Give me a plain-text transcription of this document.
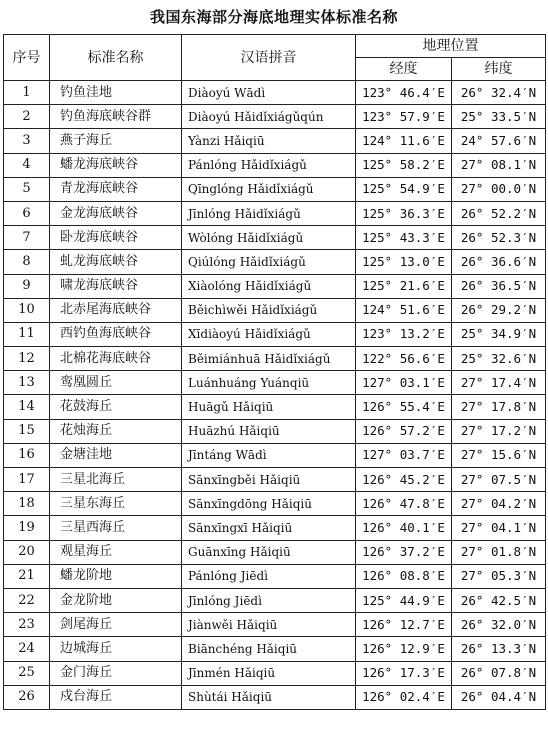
我国东海部分海底地理实体标准名称
序号	标准名称	汉语拼音	地理位置	
			经度	纬度
1	钓鱼洼地	Diàoyú Wādì	123° 46.4′E	26° 32.4′N
2	钓鱼海底峡谷群	Diàoyú Hǎidǐxiágǔqún	123° 57.9′E	25° 33.5′N
3	燕子海丘	Yànzi Hǎiqiū	124° 11.6′E	24° 57.6′N
4	蟠龙海底峡谷	Pánlóng Hǎidǐxiágǔ	125° 58.2′E	27° 08.1′N
5	青龙海底峡谷	Qīnglóng Hǎidǐxiágǔ	125° 54.9′E	27° 00.0′N
6	金龙海底峡谷	Jīnlóng Hǎidǐxiágǔ	125° 36.3′E	26° 52.2′N
7	卧龙海底峡谷	Wòlóng Hǎidǐxiágǔ	125° 43.3′E	26° 52.3′N
8	虬龙海底峡谷	Qiúlóng Hǎidǐxiágǔ	125° 13.0′E	26° 36.6′N
9	啸龙海底峡谷	Xiàolóng Hǎidǐxiágǔ	125° 21.6′E	26° 36.5′N
10	北赤尾海底峡谷	Běichìwěi Hǎidǐxiágǔ	124° 51.6′E	26° 29.2′N
11	西钓鱼海底峡谷	Xīdiàoyú Hǎidǐxiágǔ	123° 13.2′E	25° 34.9′N
12	北棉花海底峡谷	Běimiánhuā Hǎidǐxiágǔ	122° 56.6′E	25° 32.6′N
13	鸾凰圆丘	Luánhuáng Yuánqiū	127° 03.1′E	27° 17.4′N
14	花鼓海丘	Huāgǔ Hǎiqiū	126° 55.4′E	27° 17.8′N
15	花烛海丘	Huāzhú Hǎiqiū	126° 57.2′E	27° 17.2′N
16	金塘洼地	Jīntáng Wādì	127° 03.7′E	27° 15.6′N
17	三星北海丘	Sānxīngběi Hǎiqiū	126° 45.2′E	27° 07.5′N
18	三星东海丘	Sānxīngdōng Hǎiqiū	126° 47.8′E	27° 04.2′N
19	三星西海丘	Sānxīngxī Hǎiqiū	126° 40.1′E	27° 04.1′N
20	观星海丘	Guānxīng Hǎiqiū	126° 37.2′E	27° 01.8′N
21	蟠龙阶地	Pánlóng Jiēdì	126° 08.8′E	27° 05.3′N
22	金龙阶地	Jīnlóng Jiēdì	125° 44.9′E	26° 42.5′N
23	剑尾海丘	Jiànwěi Hǎiqiū	126° 12.7′E	26° 32.0′N
24	边城海丘	Biānchéng Hǎiqiū	126° 12.9′E	26° 13.3′N
25	金门海丘	Jīnmén Hǎiqiū	126° 17.3′E	26° 07.8′N
26	戍台海丘	Shùtái Hǎiqiū	126° 02.4′E	26° 04.4′N
